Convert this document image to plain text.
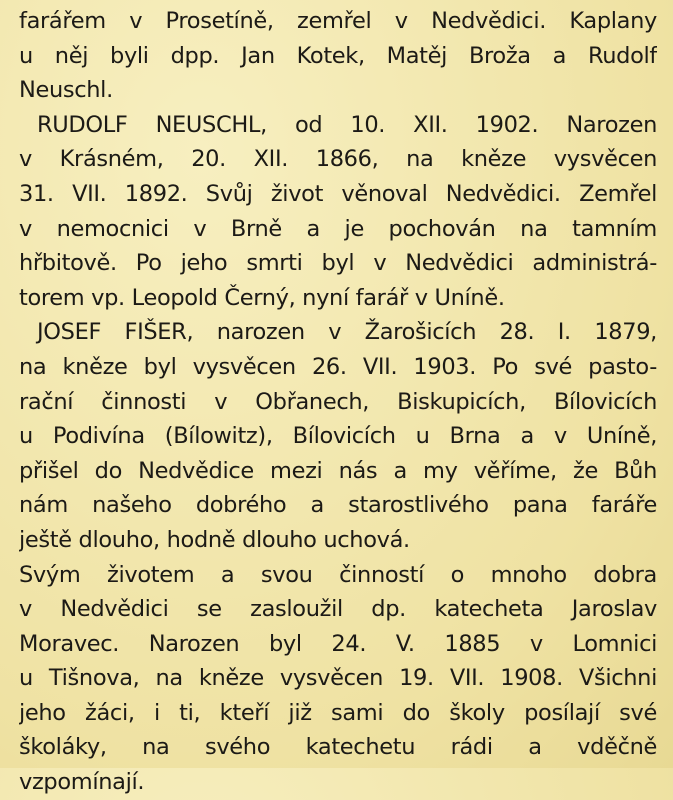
farářem v Prosetíně, zemřel v Nedvědici. Kaplany
u něj byli dpp. Jan Kotek, Matěj Broža a Rudolf
Neuschl.
RUDOLF NEUSCHL, od 10. XII. 1902. Narozen
v Krásném, 20. XII. 1866, na kněze vysvěcen
31. VII. 1892. Svůj život věnoval Nedvědici. Zemřel
v nemocnici v Brně a je pochován na tamním
hřbitově. Po jeho smrti byl v Nedvědici administrá-
torem vp. Leopold Černý, nyní farář v Uníně.
JOSEF FIŠER, narozen v Žarošicích 28. I. 1879,
na kněze byl vysvěcen 26. VII. 1903. Po své pasto-
rační činnosti v Obřanech, Biskupicích, Bílovicích
u Podivína (Bílowitz), Bílovicích u Brna a v Uníně,
přišel do Nedvědice mezi nás a my věříme, že Bůh
nám našeho dobrého a starostlivého pana faráře
ještě dlouho, hodně dlouho uchová.
Svým životem a svou činností o mnoho dobra
v Nedvědici se zasloužil dp. katecheta Jaroslav
Moravec. Narozen byl 24. V. 1885 v Lomnici
u Tišnova, na kněze vysvěcen 19. VII. 1908. Všichni
jeho žáci, i ti, kteří již sami do školy posílají své
školáky, na svého katechetu rádi a vděčně
vzpomínají.
